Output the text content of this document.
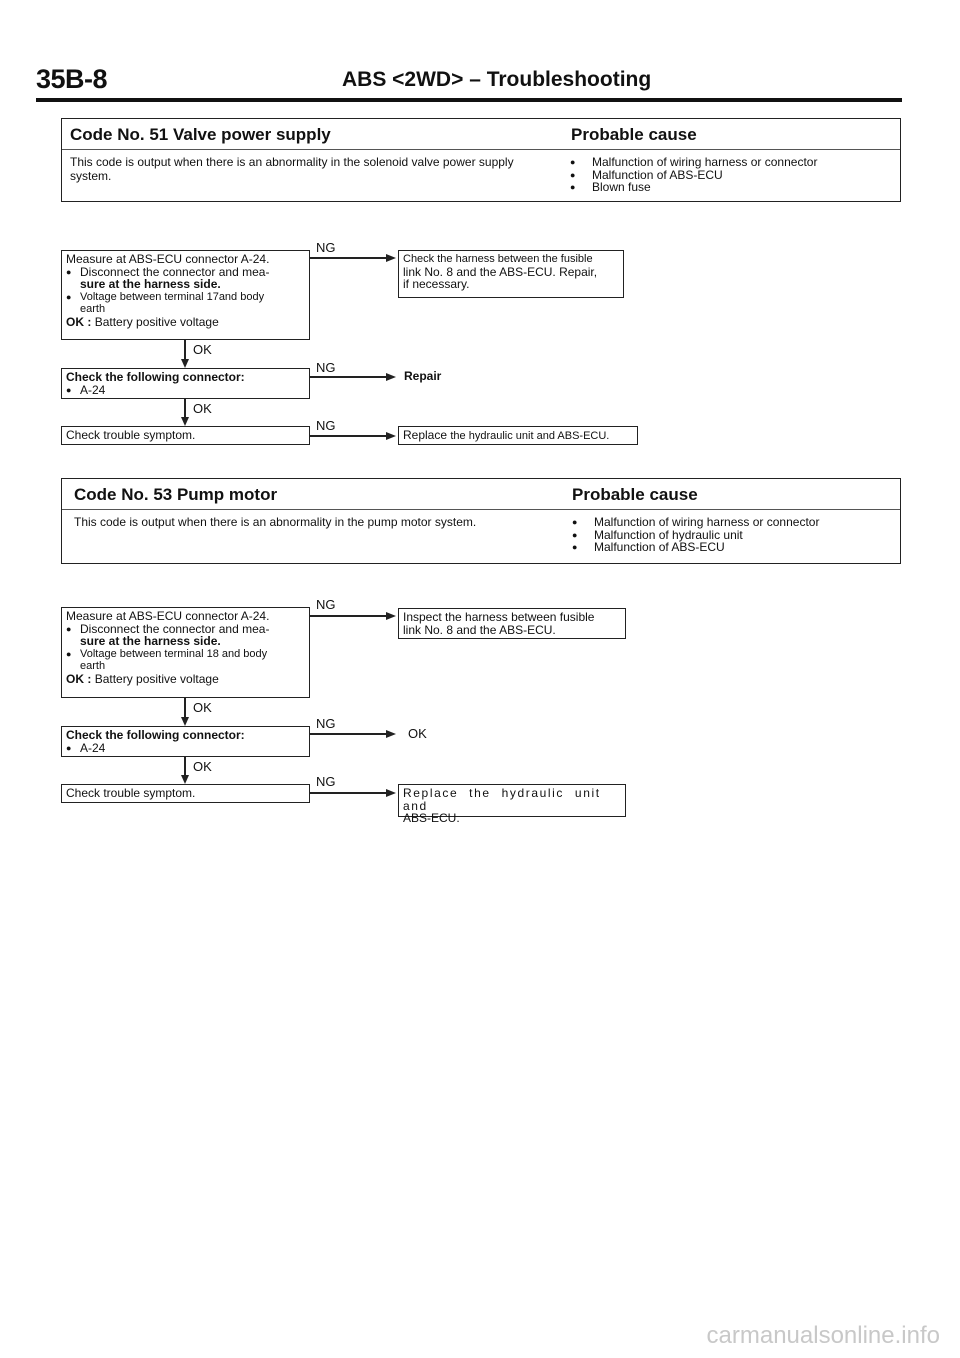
35B-8	ABS <2WD> – Troubleshooting
Code No. 51 Valve power supply	Probable cause
This code is output when there is an abnormality in the solenoid valve power supply
system.
● Malfunction of wiring harness or connector
● Malfunction of ABS-ECU
● Blown fuse
Measure at ABS-ECU connector A-24.
● Disconnect the connector and mea-
sure at the harness side.
● Voltage between terminal 17and body
earth
OK : Battery positive voltage
NG
Check the harness between the fusible
link No. 8 and the ABS-ECU. Repair,
if necessary.
OK
Check the following connector:
● A-24
NG
Repair
OK
Check trouble symptom.
NG
Replace the hydraulic unit and ABS-ECU.
Code No. 53 Pump motor	Probable cause
This code is output when there is an abnormality in the pump motor system.
●	Malfunction of wiring harness or connector
● Malfunction of hydraulic unit
● Malfunction of ABS-ECU
Measure at ABS-ECU connector A-24.
● Disconnect the connector and mea-
sure at the harness side.
● Voltage between terminal 18 and body
earth
OK : Battery positive voltage
NG
Inspect the harness between fusible
link No. 8 and the ABS-ECU.
OK
Check the following connector:
● A-24
NG
OK
OK
Check trouble symptom.
NG
Replace the hydraulic unit and
ABS-ECU.
carmanualsonline.info
